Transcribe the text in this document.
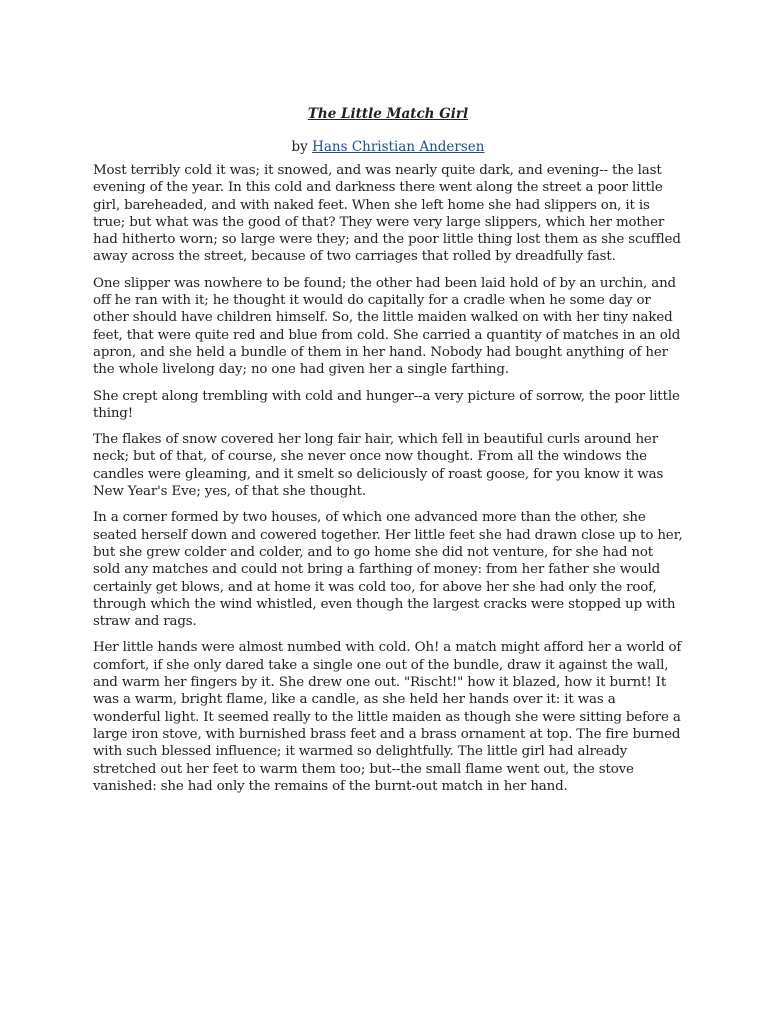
The Little Match Girl
by Hans Christian Andersen

Most terribly cold it was; it snowed, and was nearly quite dark, and evening-- the last evening of the year. In this cold and darkness there went along the street a poor little girl, bareheaded, and with naked feet. When she left home she had slippers on, it is true; but what was the good of that? They were very large slippers, which her mother had hitherto worn; so large were they; and the poor little thing lost them as she scuffled away across the street, because of two carriages that rolled by dreadfully fast.

One slipper was nowhere to be found; the other had been laid hold of by an urchin, and off he ran with it; he thought it would do capitally for a cradle when he some day or other should have children himself. So, the little maiden walked on with her tiny naked feet, that were quite red and blue from cold. She carried a quantity of matches in an old apron, and she held a bundle of them in her hand. Nobody had bought anything of her the whole livelong day; no one had given her a single farthing.

She crept along trembling with cold and hunger--a very picture of sorrow, the poor little thing!

The flakes of snow covered her long fair hair, which fell in beautiful curls around her neck; but of that, of course, she never once now thought. From all the windows the candles were gleaming, and it smelt so deliciously of roast goose, for you know it was New Year's Eve; yes, of that she thought.

In a corner formed by two houses, of which one advanced more than the other, she seated herself down and cowered together. Her little feet she had drawn close up to her, but she grew colder and colder, and to go home she did not venture, for she had not sold any matches and could not bring a farthing of money: from her father she would certainly get blows, and at home it was cold too, for above her she had only the roof, through which the wind whistled, even though the largest cracks were stopped up with straw and rags.

Her little hands were almost numbed with cold. Oh! a match might afford her a world of comfort, if she only dared take a single one out of the bundle, draw it against the wall, and warm her fingers by it. She drew one out. "Rischt!" how it blazed, how it burnt! It was a warm, bright flame, like a candle, as she held her hands over it: it was a wonderful light. It seemed really to the little maiden as though she were sitting before a large iron stove, with burnished brass feet and a brass ornament at top. The fire burned with such blessed influence; it warmed so delightfully. The little girl had already stretched out her feet to warm them too; but--the small flame went out, the stove vanished: she had only the remains of the burnt-out match in her hand.
